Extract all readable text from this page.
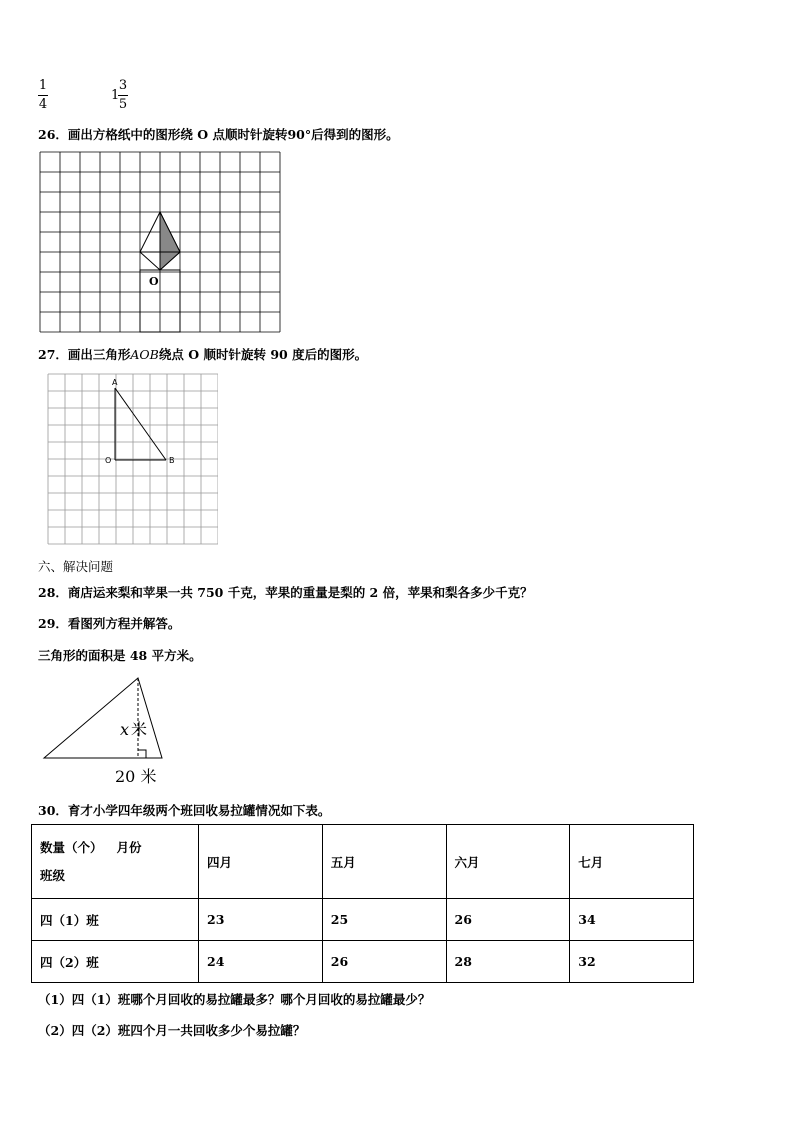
1
4
1
3
5
26．画出方格纸中的图形绕 O 点顺时针旋转90°后得到的图形。
O
27．画出三角形AOB绕点 O 顺时针旋转 90 度后的图形。
A
O	B
六、解决问题
28．商店运来梨和苹果一共 750 千克，苹果的重量是梨的 2 倍，苹果和梨各多少千克？
29．看图列方程并解答。
三角形的面积是 48 平方米。
x 米
20 米
30．育才小学四年级两个班回收易拉罐情况如下表。
数量（个） 月份
班级	四月	五月	六月	七月
四（1）班	23	25	26	34
四（2）班	24	26	28	32
（1）四（1）班哪个月回收的易拉罐最多？哪个月回收的易拉罐最少？
（2）四（2）班四个月一共回收多少个易拉罐？
